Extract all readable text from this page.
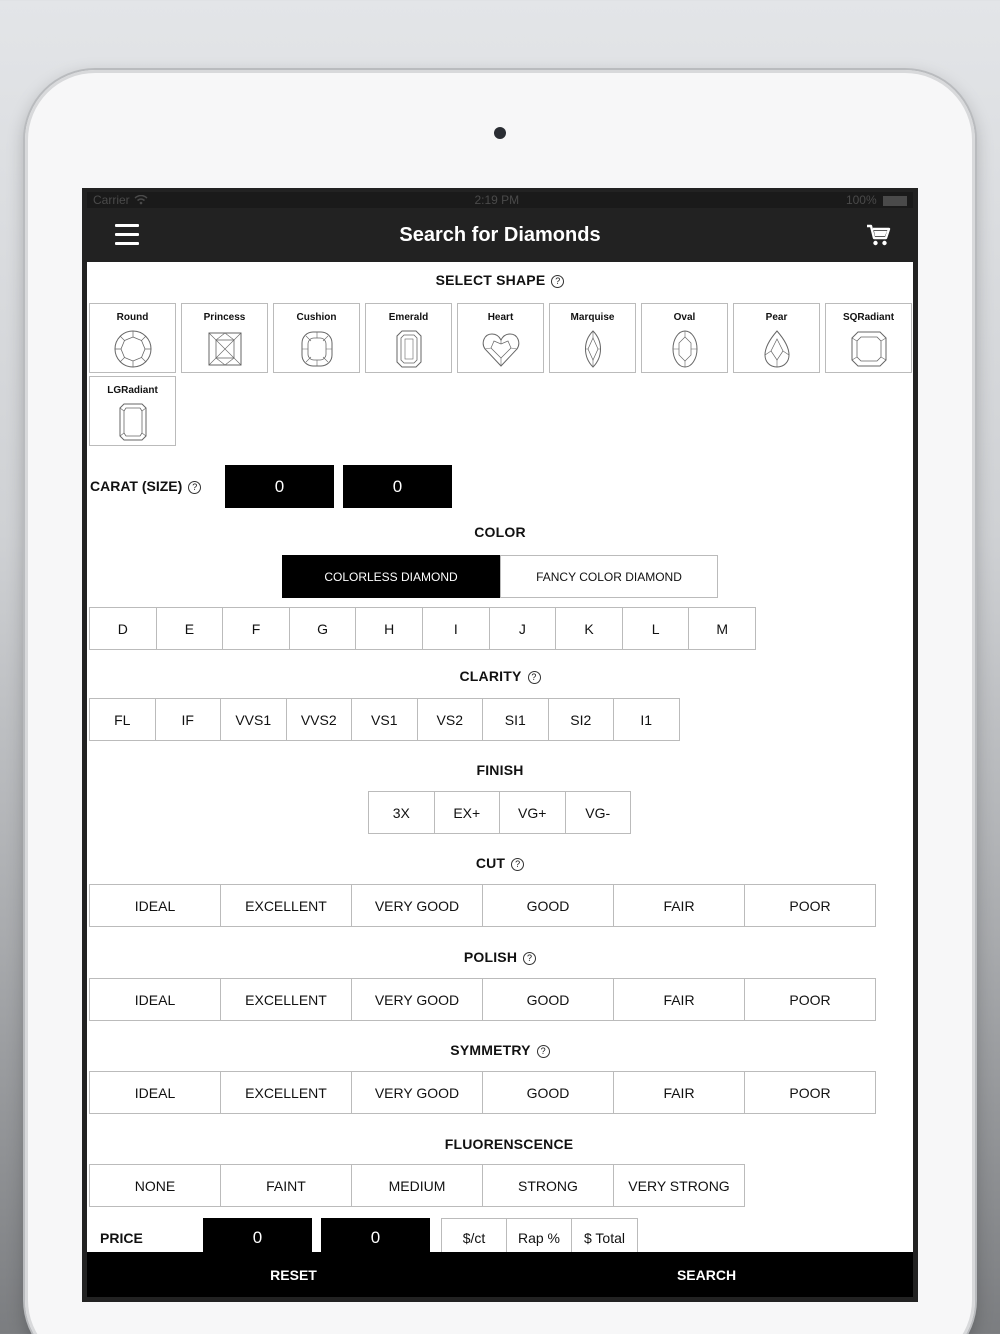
Carrier	2:19 PM	100%
Search for Diamonds
SELECT SHAPE ?
Round	Princess	Cushion	Emerald	Heart	Marquise	Oval	Pear	SQRadiant
LGRadiant
CARAT (SIZE) ?	0	0
COLOR
COLORLESS DIAMOND	FANCY COLOR DIAMOND
D	E	F	G	H	I	J	K	L	M
CLARITY ?
FL	IF	VVS1	VVS2	VS1	VS2	SI1	SI2	I1
FINISH
3X	EX+	VG+	VG-
CUT ?
IDEAL	EXCELLENT	VERY GOOD	GOOD	FAIR	POOR
POLISH ?
IDEAL	EXCELLENT	VERY GOOD	GOOD	FAIR	POOR
SYMMETRY ?
IDEAL	EXCELLENT	VERY GOOD	GOOD	FAIR	POOR
FLUORENSCENCE
NONE	FAINT	MEDIUM	STRONG	VERY STRONG
PRICE	0	0	$/ct	Rap %	$ Total
RESET	SEARCH
